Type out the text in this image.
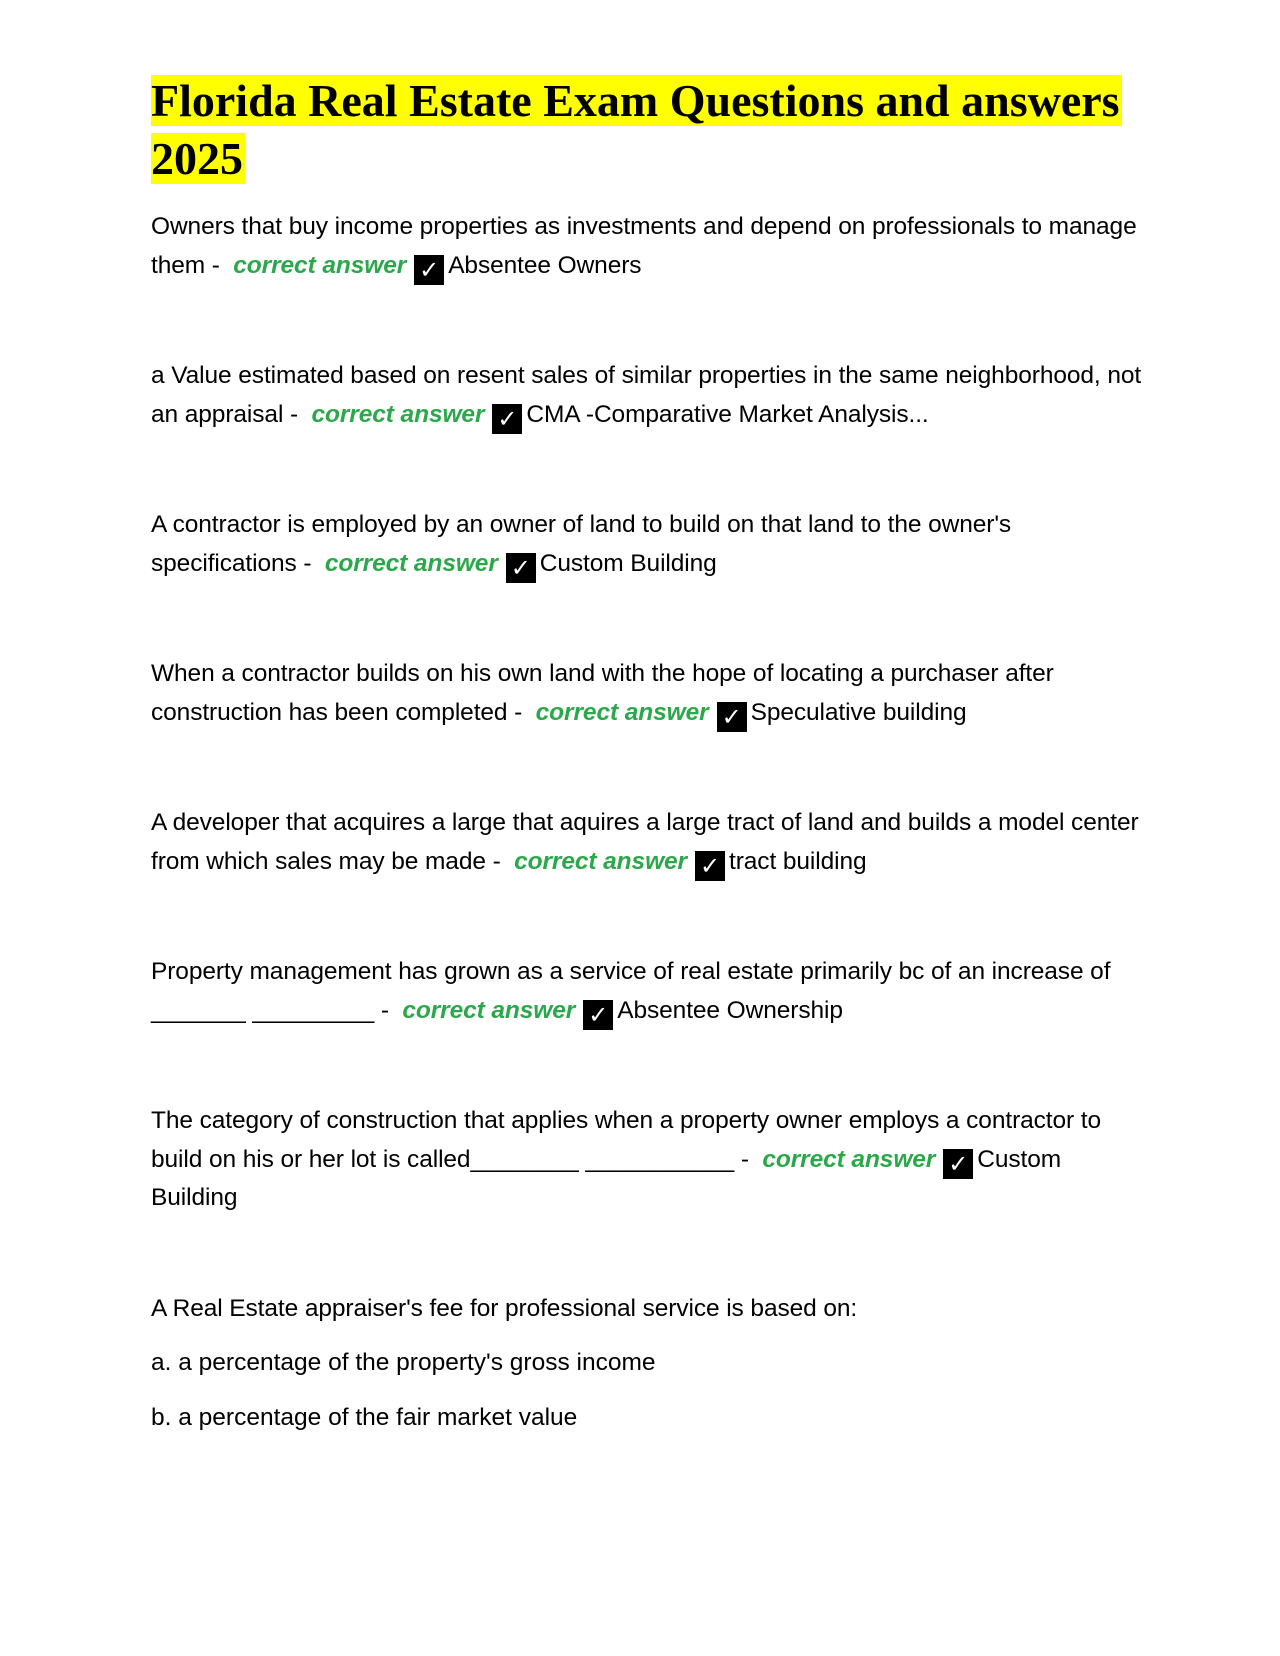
Florida Real Estate Exam Questions and answers 2025

Owners that buy income properties as investments and depend on professionals to manage them - correct answer ✓ Absentee Owners

a Value estimated based on resent sales of similar properties in the same neighborhood, not an appraisal - correct answer ✓ CMA -Comparative Market Analysis...

A contractor is employed by an owner of land to build on that land to the owner's specifications - correct answer ✓ Custom Building

When a contractor builds on his own land with the hope of locating a purchaser after construction has been completed - correct answer ✓ Speculative building

A developer that acquires a large that aquires a large tract of land and builds a model center from which sales may be made - correct answer ✓ tract building

Property management has grown as a service of real estate primarily bc of an increase of _______ _________ - correct answer ✓ Absentee Ownership

The category of construction that applies when a property owner employs a contractor to build on his or her lot is called________ ___________ - correct answer ✓ Custom Building

A Real Estate appraiser's fee for professional service is based on:

a. a percentage of the property's gross income

b. a percentage of the fair market value
